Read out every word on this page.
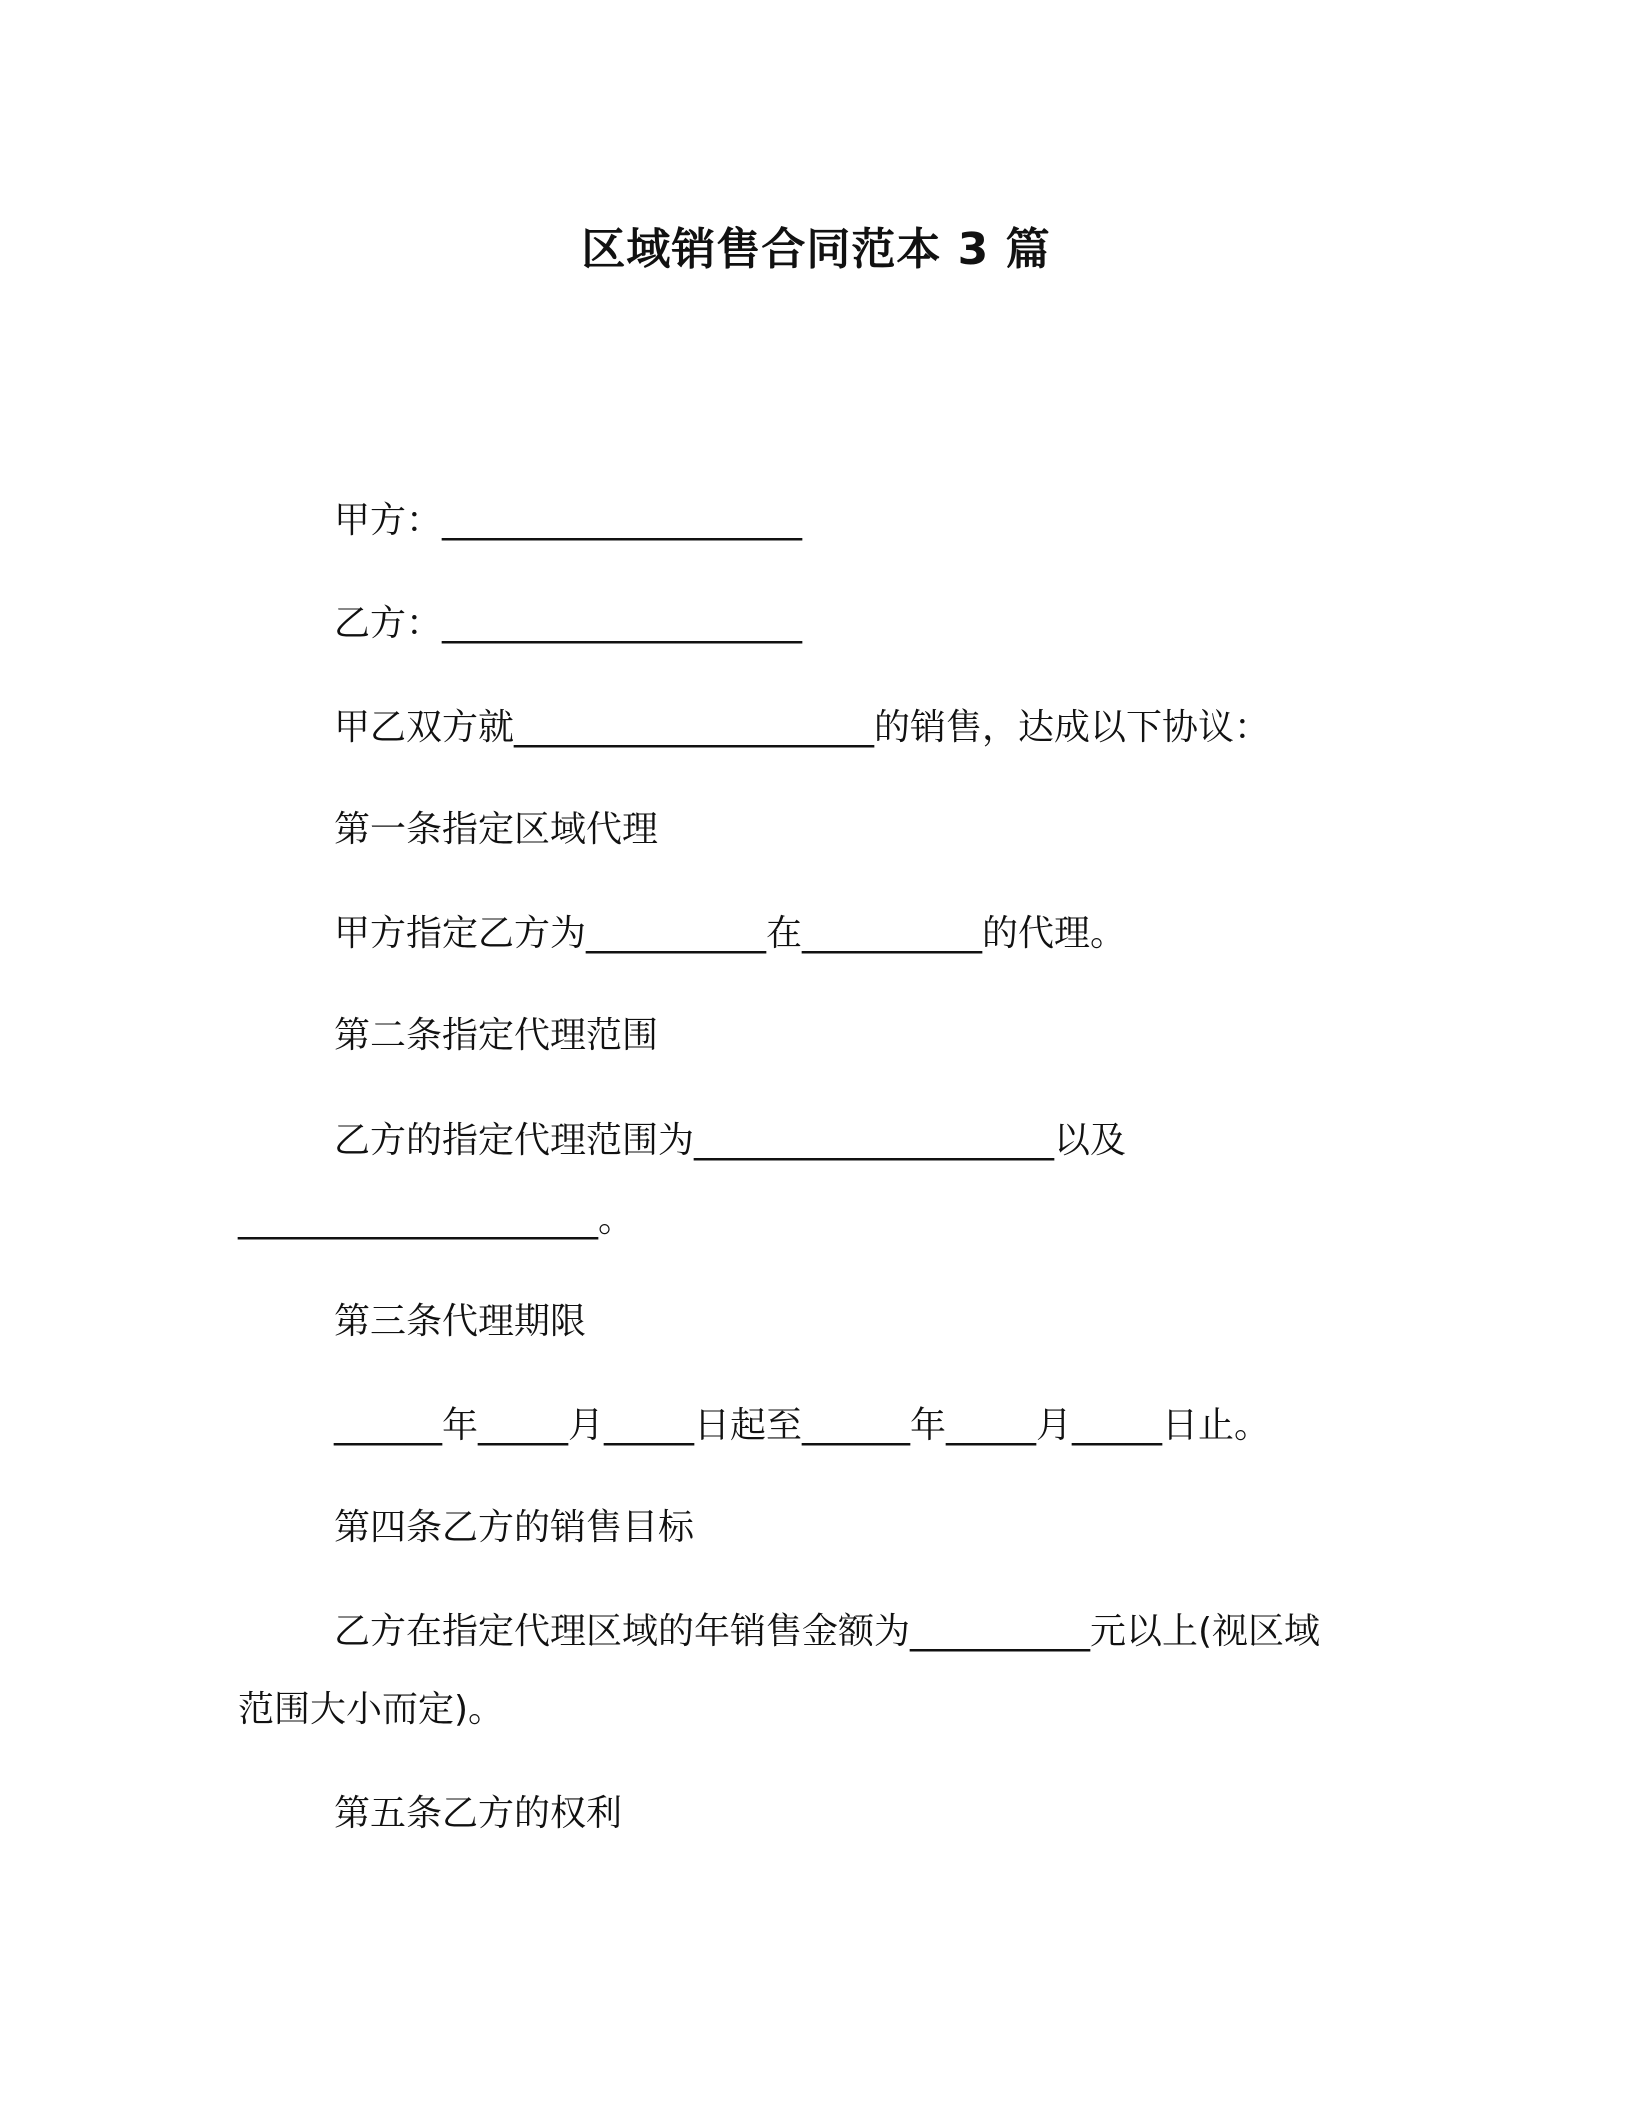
区域销售合同范本 3 篇
甲方：____________________
乙方：____________________
甲乙双方就____________________的销售，达成以下协议：
第一条指定区域代理
甲方指定乙方为__________在__________的代理。
第二条指定代理范围
乙方的指定代理范围为____________________以及
____________________。
第三条代理期限
______年_____月_____日起至______年_____月_____日止。
第四条乙方的销售目标
乙方在指定代理区域的年销售金额为__________元以上(视区域
范围大小而定)。
第五条乙方的权利
